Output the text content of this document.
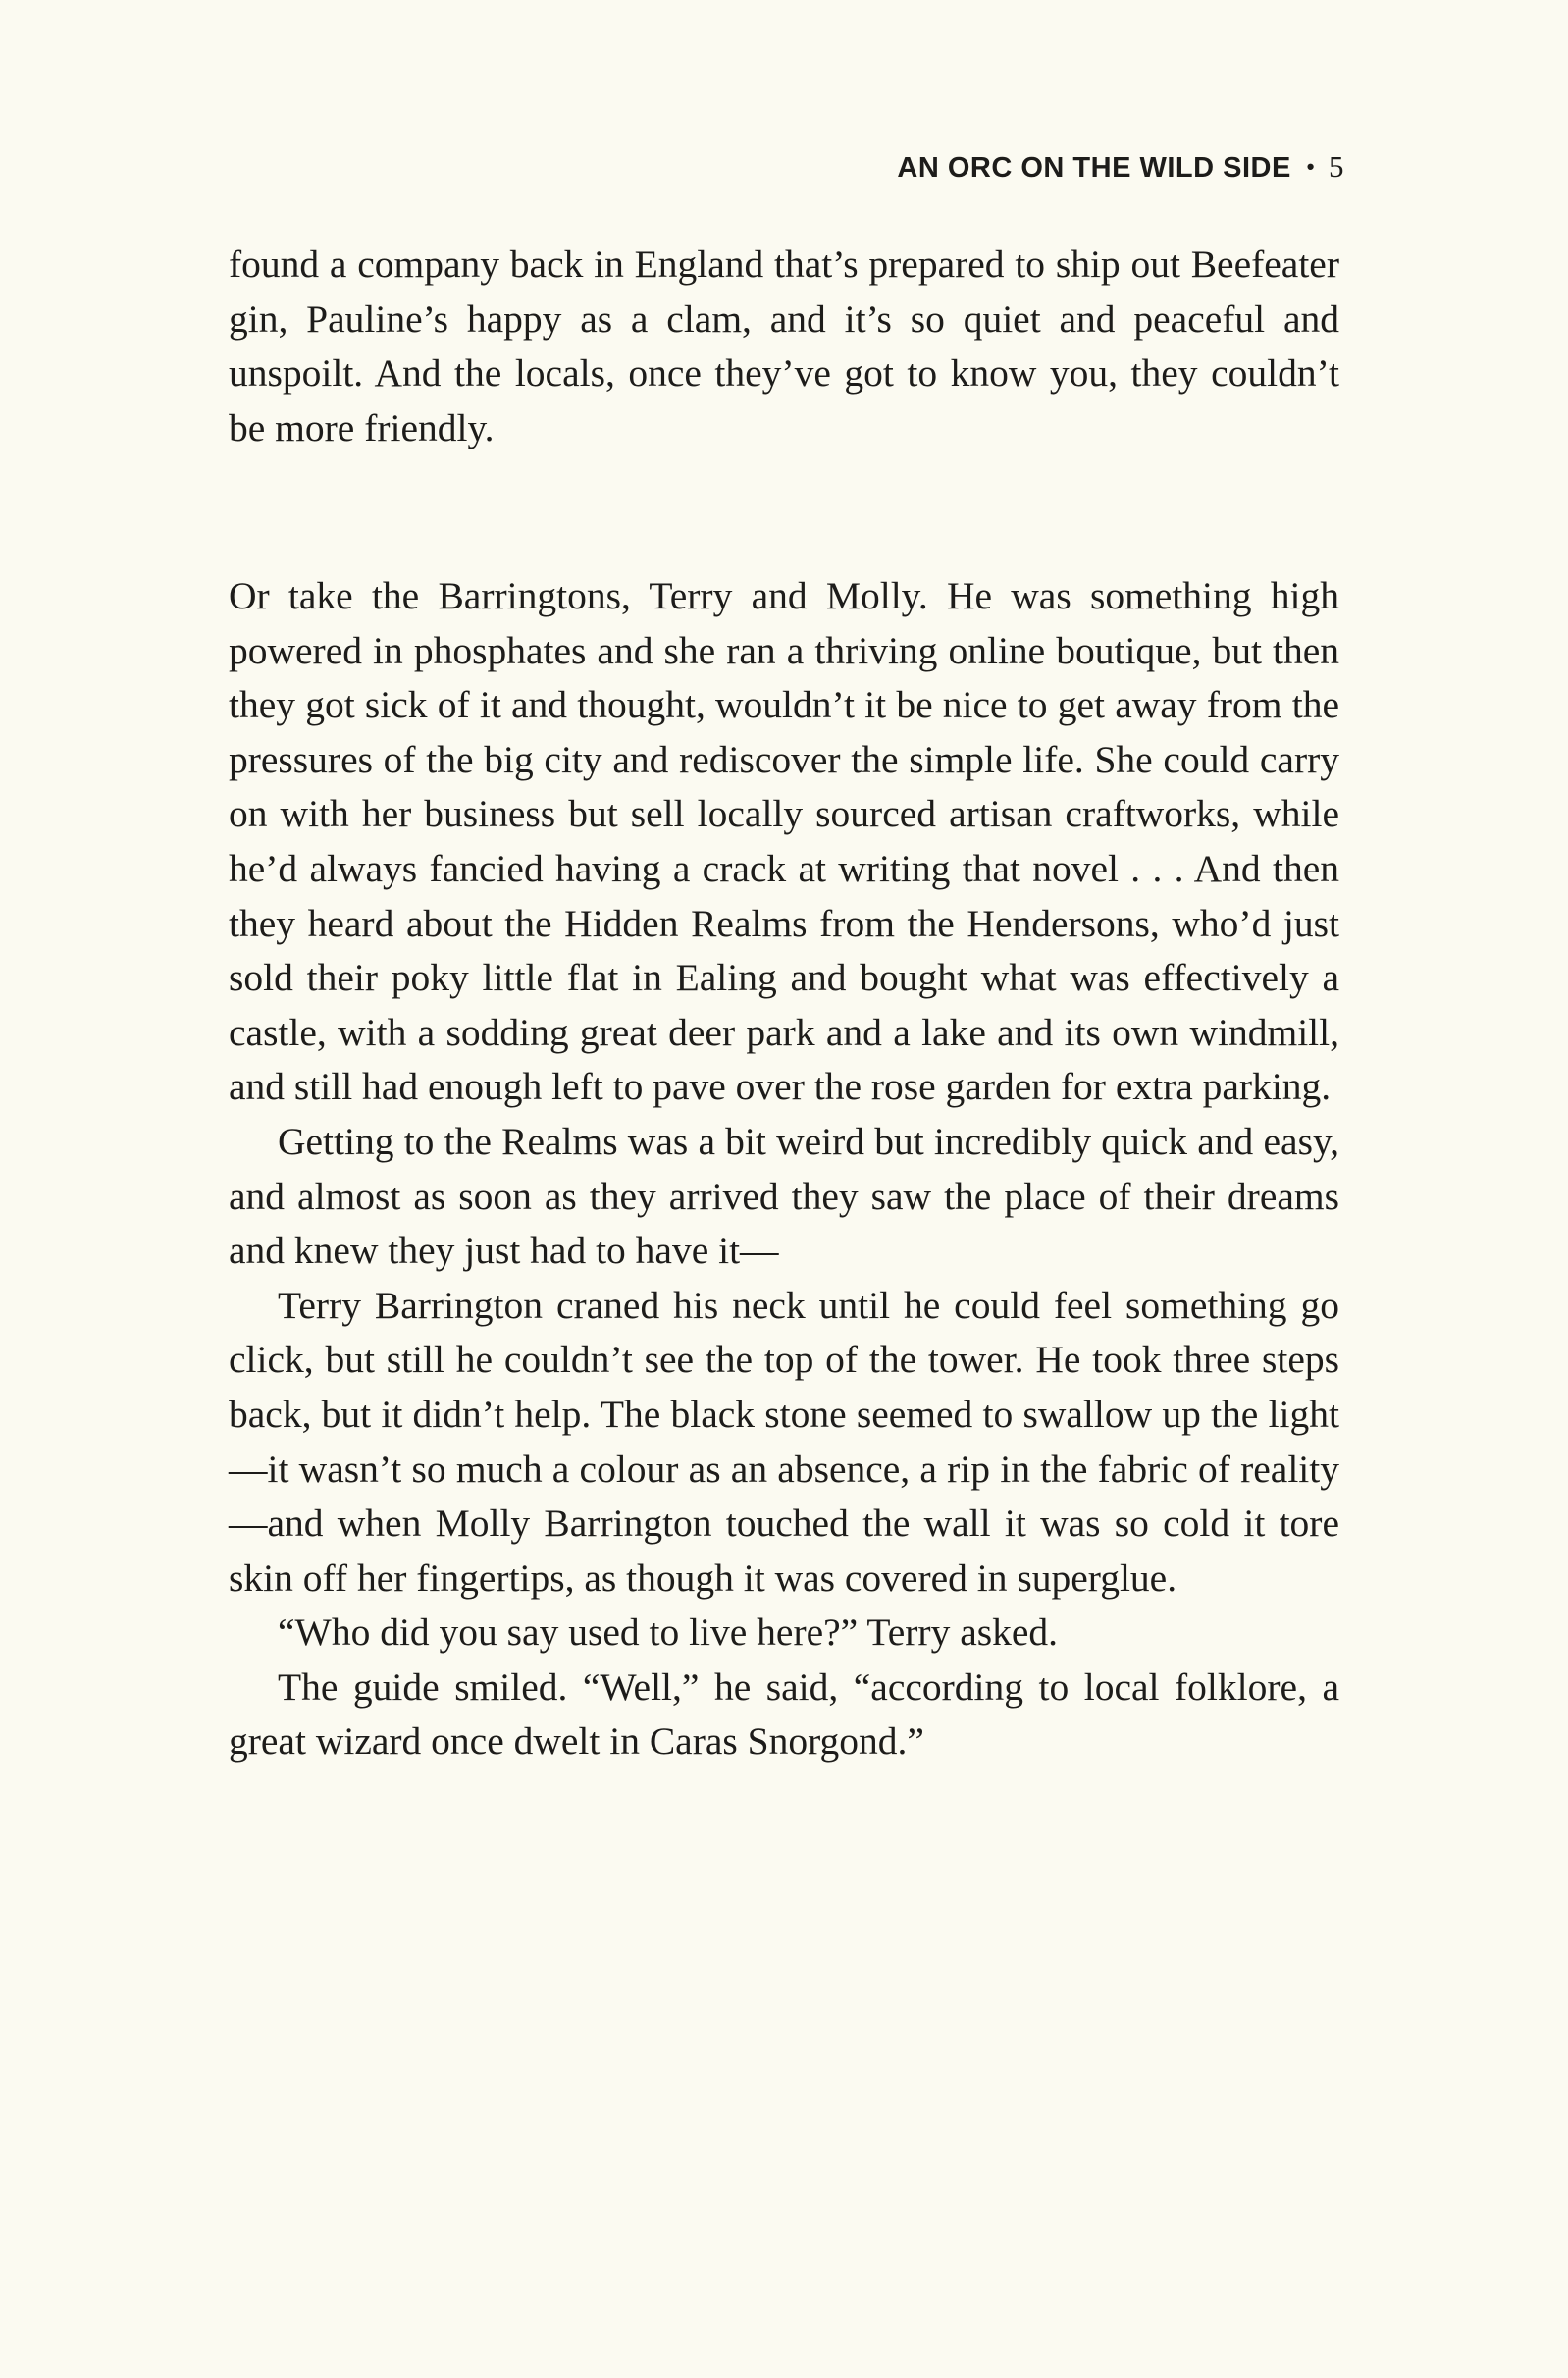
AN ORC ON THE WILD SIDE • 5

found a company back in England that’s prepared to ship out Beefeater gin, Pauline’s happy as a clam, and it’s so quiet and peaceful and unspoilt. And the locals, once they’ve got to know you, they couldn’t be more friendly.

Or take the Barringtons, Terry and Molly. He was something high powered in phosphates and she ran a thriving online boutique, but then they got sick of it and thought, wouldn’t it be nice to get away from the pressures of the big city and rediscover the simple life. She could carry on with her business but sell locally sourced artisan craftworks, while he’d always fancied having a crack at writing that novel . . . And then they heard about the Hidden Realms from the Hendersons, who’d just sold their poky little flat in Ealing and bought what was effectively a castle, with a sodding great deer park and a lake and its own windmill, and still had enough left to pave over the rose garden for extra parking.

Getting to the Realms was a bit weird but incredibly quick and easy, and almost as soon as they arrived they saw the place of their dreams and knew they just had to have it—

Terry Barrington craned his neck until he could feel something go click, but still he couldn’t see the top of the tower. He took three steps back, but it didn’t help. The black stone seemed to swallow up the light—it wasn’t so much a colour as an absence, a rip in the fabric of reality—and when Molly Barrington touched the wall it was so cold it tore skin off her fingertips, as though it was covered in superglue.

“Who did you say used to live here?” Terry asked.

The guide smiled. “Well,” he said, “according to local folklore, a great wizard once dwelt in Caras Snorgond.”
